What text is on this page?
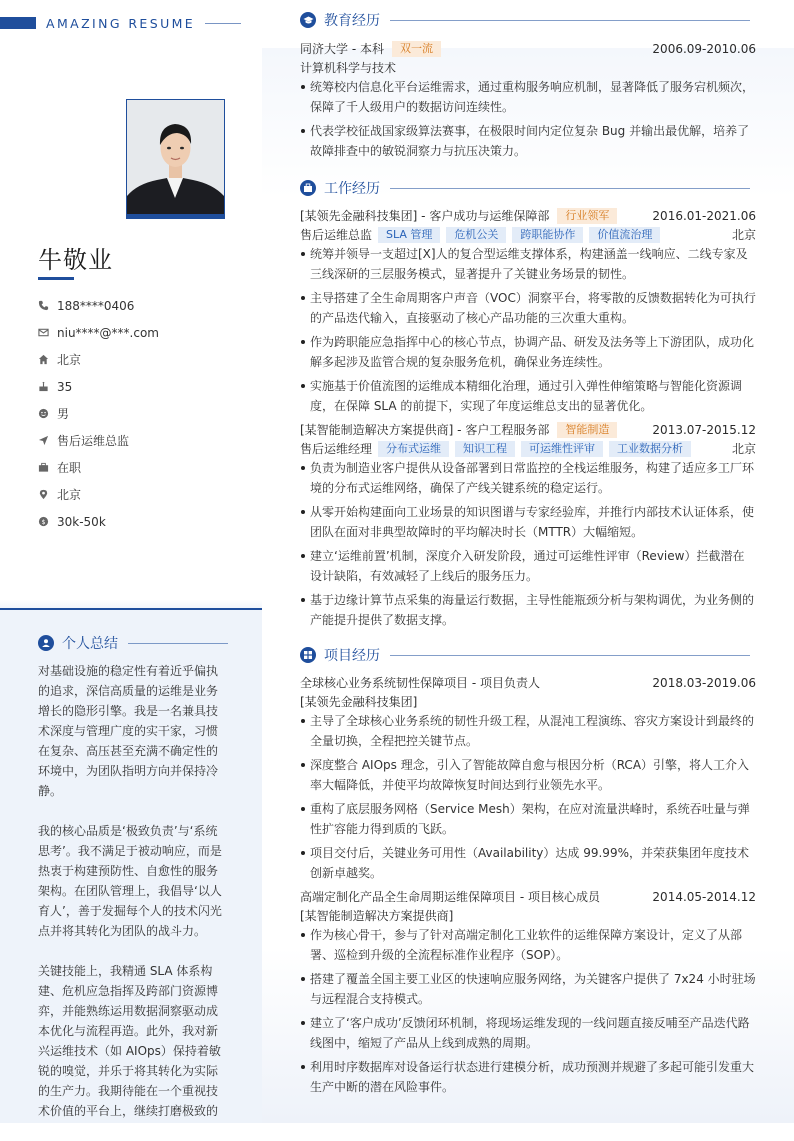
AMAZING RESUME
牛敬业
188****0406
niu****@***.com
北京
35
男
售后运维总监
在职
北京
$ 30k-50k
个人总结

对基础设施的稳定性有着近乎偏执的追求，深信高质量的运维是业务增长的隐形引擎。我是一名兼具技术深度与管理广度的实干家，习惯在复杂、高压甚至充满不确定性的环境中，为团队指明方向并保持冷静。

我的核心品质是‘极致负责’与‘系统思考’。我不满足于被动响应，而是热衷于构建预防性、自愈性的服务架构。在团队管理上，我倡导‘以人育人’，善于发掘每个人的技术闪光点并将其转化为团队的战斗力。

关键技能上，我精通 SLA 体系构建、危机应急指挥及跨部门资源博弈，并能熟练运用数据洞察驱动成本优化与流程再造。此外，我对新兴运维技术（如 AIOps）保持着敏锐的嗅觉，并乐于将其转化为实际的生产力。我期待能在一个重视技术价值的平台上，继续打磨极致的

教育经历
同济大学 - 本科	双一流	2006.09-2010.06
计算机科学与技术
统筹校内信息化平台运维需求，通过重构服务响应机制，显著降低了服务宕机频次，保障了千人级用户的数据访问连续性。
代表学校征战国家级算法赛事，在极限时间内定位复杂 Bug 并输出最优解，培养了故障排查中的敏锐洞察力与抗压决策力。
工作经历
[某领先金融科技集团] - 客户成功与运维保障部	行业领军	2016.01-2021.06
售后运维总监	SLA 管理	危机公关	跨职能协作	价值流治理	北京
统筹并领导一支超过[X]人的复合型运维支撑体系，构建涵盖一线响应、二线专家及三线深研的三层服务模式，显著提升了关键业务场景的韧性。
主导搭建了全生命周期客户声音（VOC）洞察平台，将零散的反馈数据转化为可执行的产品迭代输入，直接驱动了核心产品功能的三次重大重构。
作为跨职能应急指挥中心的核心节点，协调产品、研发及法务等上下游团队，成功化解多起涉及监管合规的复杂服务危机，确保业务连续性。
实施基于价值流图的运维成本精细化治理，通过引入弹性伸缩策略与智能化资源调度，在保障 SLA 的前提下，实现了年度运维总支出的显著优化。
[某智能制造解决方案提供商] - 客户工程服务部	智能制造	2013.07-2015.12
售后运维经理	分布式运维	知识工程	可运维性评审	工业数据分析	北京
负责为制造业客户提供从设备部署到日常监控的全栈运维服务，构建了适应多工厂环境的分布式运维网络，确保了产线关键系统的稳定运行。
从零开始构建面向工业场景的知识图谱与专家经验库，并推行内部技术认证体系，使团队在面对非典型故障时的平均解决时长（MTTR）大幅缩短。
建立‘运维前置’机制，深度介入研发阶段，通过可运维性评审（Review）拦截潜在设计缺陷，有效减轻了上线后的服务压力。
基于边缘计算节点采集的海量运行数据，主导性能瓶颈分析与架构调优，为业务侧的产能提升提供了数据支撑。
项目经历
全球核心业务系统韧性保障项目 - 项目负责人	2018.03-2019.06
[某领先金融科技集团]
主导了全球核心业务系统的韧性升级工程，从混沌工程演练、容灾方案设计到最终的全量切换，全程把控关键节点。
深度整合 AIOps 理念，引入了智能故障自愈与根因分析（RCA）引擎，将人工介入率大幅降低，并使平均故障恢复时间达到行业领先水平。
重构了底层服务网格（Service Mesh）架构，在应对流量洪峰时，系统吞吐量与弹性扩容能力得到质的飞跃。
项目交付后，关键业务可用性（Availability）达成 99.99%，并荣获集团年度技术创新卓越奖。
高端定制化产品全生命周期运维保障项目 - 项目核心成员	2014.05-2014.12
[某智能制造解决方案提供商]
作为核心骨干，参与了针对高端定制化工业软件的运维保障方案设计，定义了从部署、巡检到升级的全流程标准作业程序（SOP）。
搭建了覆盖全国主要工业区的快速响应服务网络，为关键客户提供了 7x24 小时驻场与远程混合支持模式。
建立了‘客户成功’反馈闭环机制，将现场运维发现的一线问题直接反哺至产品迭代路线图中，缩短了产品从上线到成熟的周期。
利用时序数据库对设备运行状态进行建模分析，成功预测并规避了多起可能引发重大生产中断的潜在风险事件。
